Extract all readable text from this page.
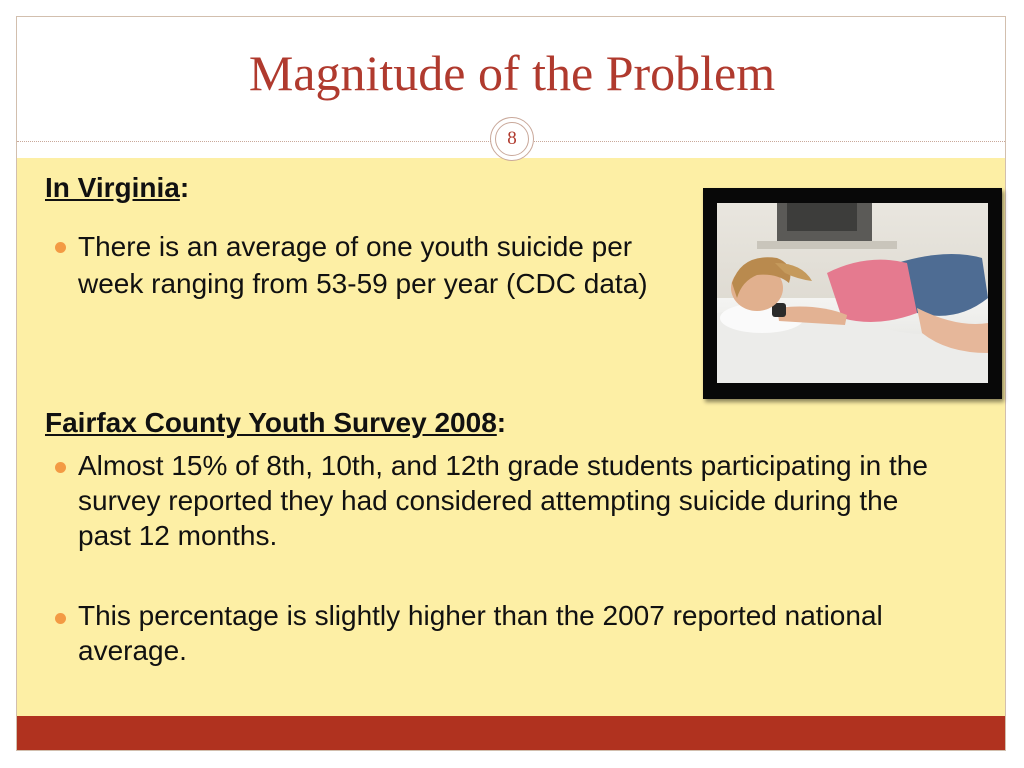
Magnitude of the Problem
8
In Virginia:
There is an average of one youth suicide per week ranging from 53-59 per year (CDC data)
Fairfax County Youth Survey 2008:
Almost 15% of 8th, 10th, and 12th grade students participating in the survey reported they had considered attempting suicide during the past 12 months.
This percentage is slightly higher than the 2007 reported national average.
